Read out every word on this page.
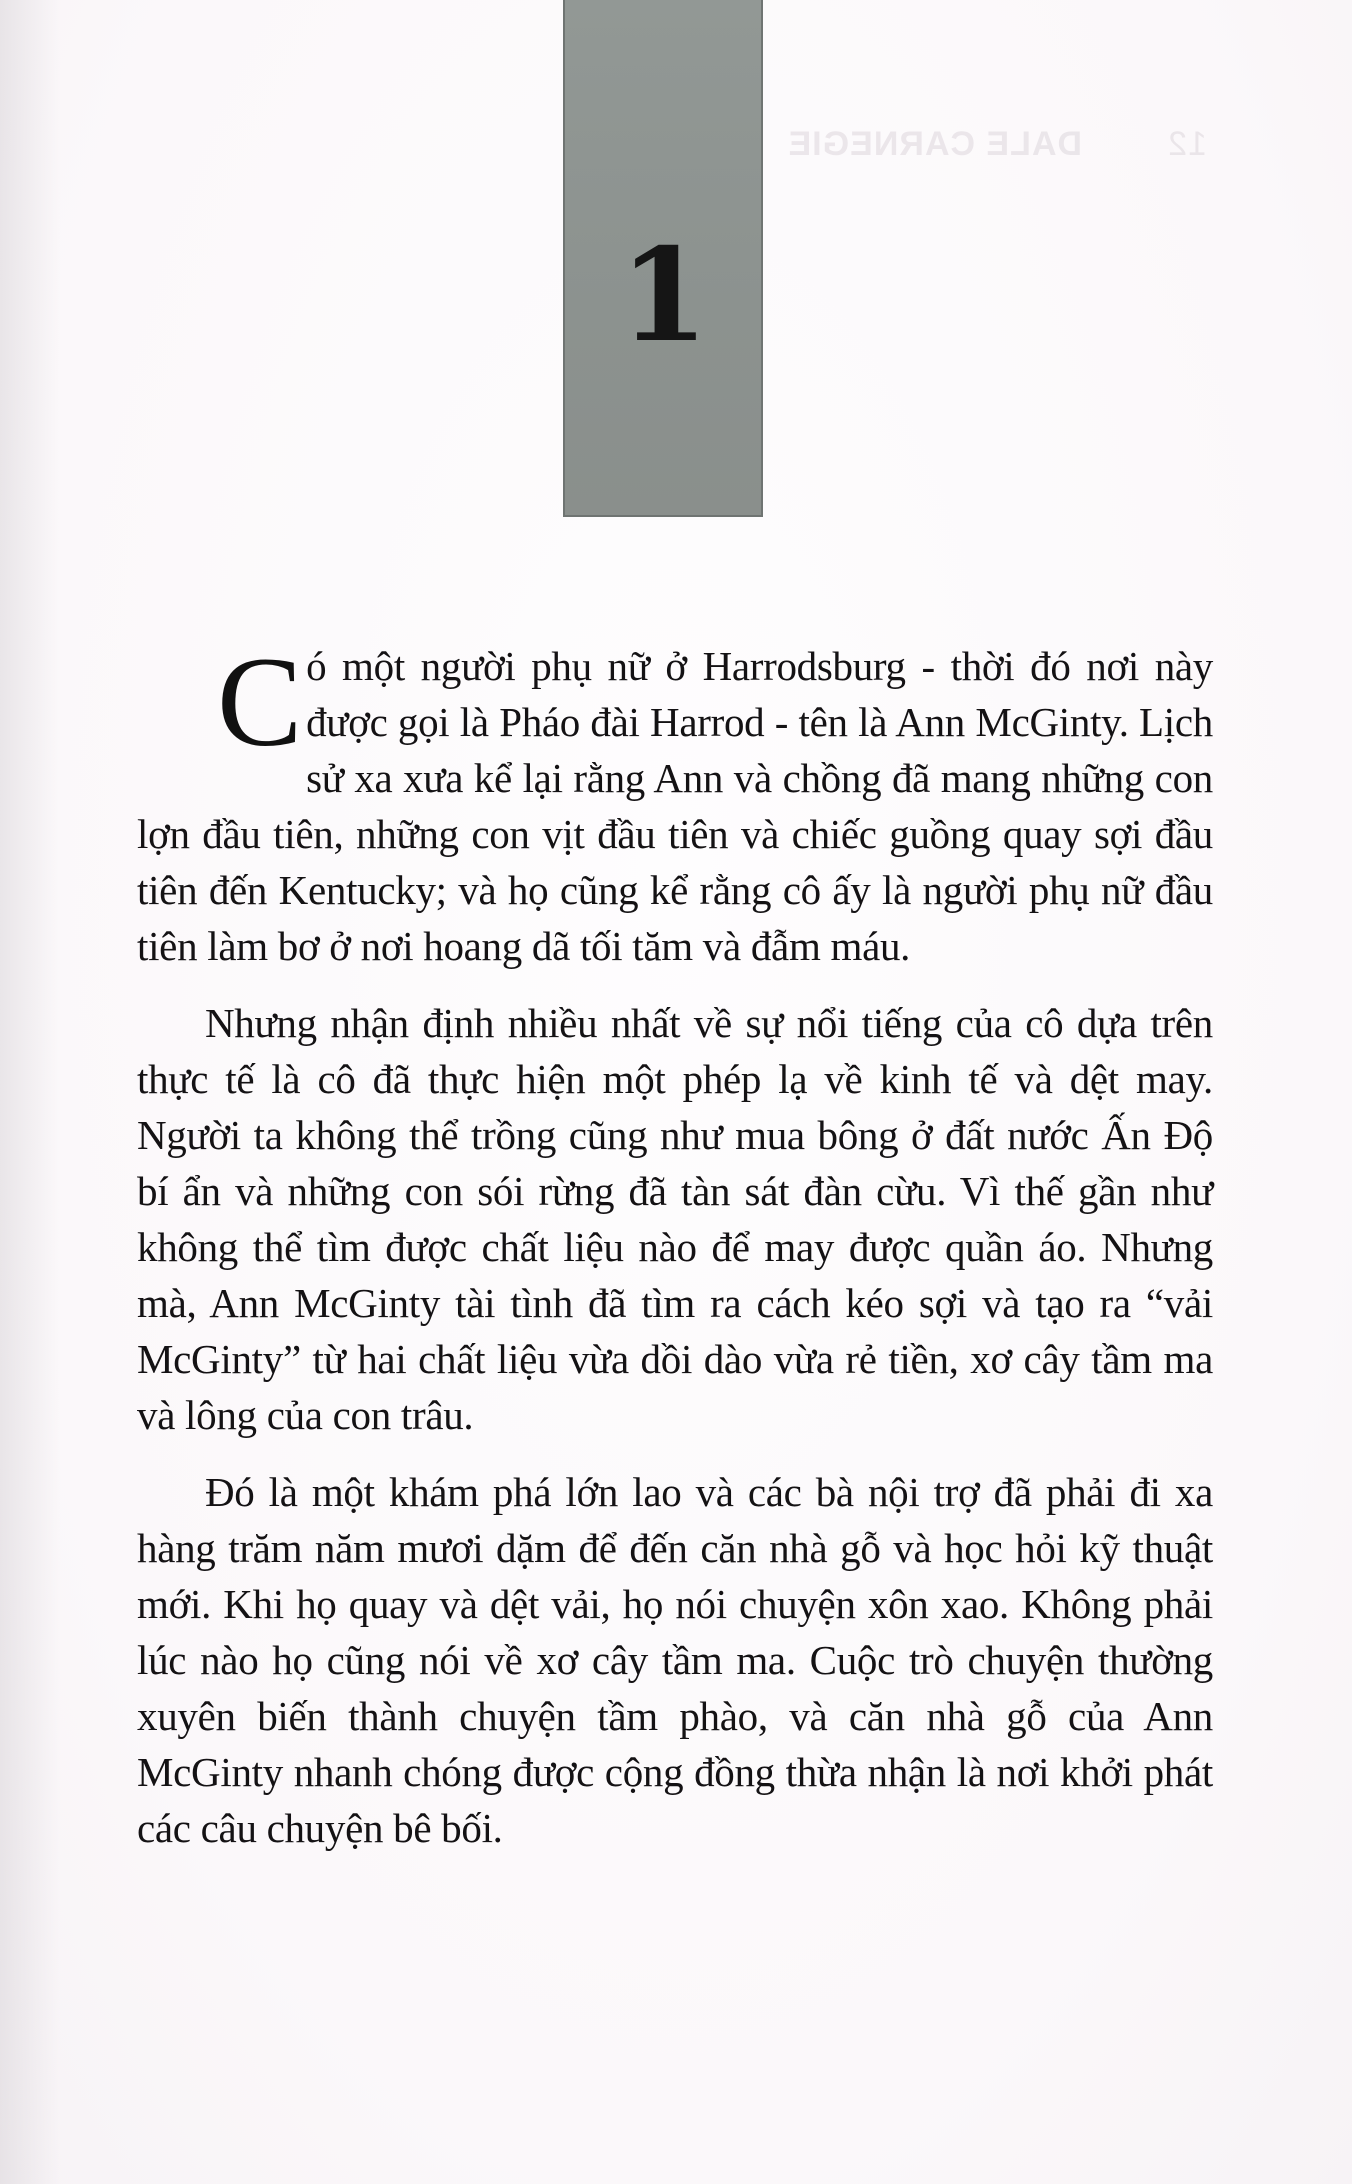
DALE CARNEGIE	12
1

Có một người phụ nữ ở Harrodsburg - thời đó nơi này được gọi là Pháo đài Harrod - tên là Ann McGinty. Lịch sử xa xưa kể lại rằng Ann và chồng đã mang những con lợn đầu tiên, những con vịt đầu tiên và chiếc guồng quay sợi đầu tiên đến Kentucky; và họ cũng kể rằng cô ấy là người phụ nữ đầu tiên làm bơ ở nơi hoang dã tối tăm và đẫm máu.

Nhưng nhận định nhiều nhất về sự nổi tiếng của cô dựa trên thực tế là cô đã thực hiện một phép lạ về kinh tế và dệt may. Người ta không thể trồng cũng như mua bông ở đất nước Ấn Độ bí ẩn và những con sói rừng đã tàn sát đàn cừu. Vì thế gần như không thể tìm được chất liệu nào để may được quần áo. Nhưng mà, Ann McGinty tài tình đã tìm ra cách kéo sợi và tạo ra “vải McGinty” từ hai chất liệu vừa dồi dào vừa rẻ tiền, xơ cây tầm ma và lông của con trâu.

Đó là một khám phá lớn lao và các bà nội trợ đã phải đi xa hàng trăm năm mươi dặm để đến căn nhà gỗ và học hỏi kỹ thuật mới. Khi họ quay và dệt vải, họ nói chuyện xôn xao. Không phải lúc nào họ cũng nói về xơ cây tầm ma. Cuộc trò chuyện thường xuyên biến thành chuyện tầm phào, và căn nhà gỗ của Ann McGinty nhanh chóng được cộng đồng thừa nhận là nơi khởi phát các câu chuyện bê bối.
